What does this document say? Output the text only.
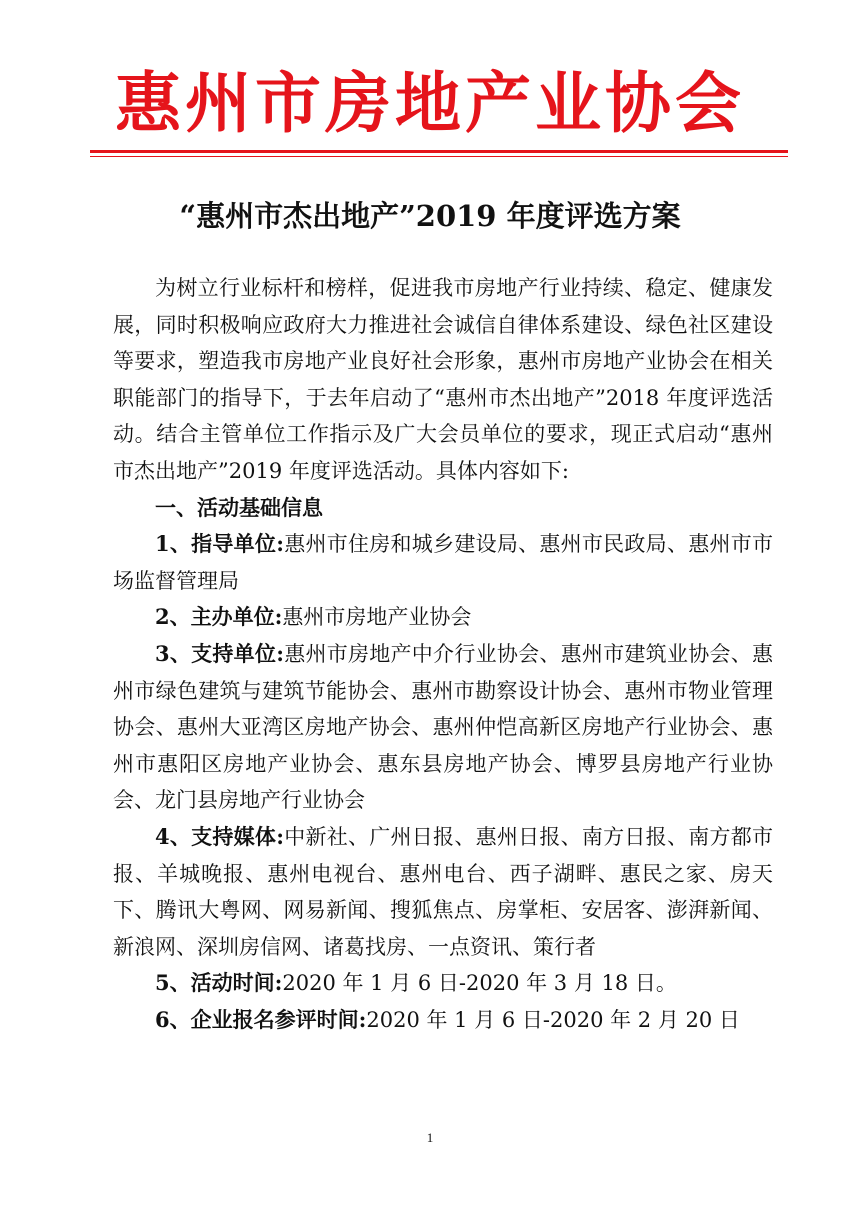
惠州市房地产业协会
“惠州市杰出地产”2019 年度评选方案

为树立行业标杆和榜样，促进我市房地产行业持续、稳定、健康发展，同时积极响应政府大力推进社会诚信自律体系建设、绿色社区建设等要求，塑造我市房地产业良好社会形象，惠州市房地产业协会在相关职能部门的指导下，于去年启动了“惠州市杰出地产”2018 年度评选活动。结合主管单位工作指示及广大会员单位的要求，现正式启动“惠州市杰出地产”2019 年度评选活动。具体内容如下:

一、活动基础信息

1、指导单位:惠州市住房和城乡建设局、惠州市民政局、惠州市市场监督管理局

2、主办单位:惠州市房地产业协会

3、支持单位:惠州市房地产中介行业协会、惠州市建筑业协会、惠州市绿色建筑与建筑节能协会、惠州市勘察设计协会、惠州市物业管理协会、惠州大亚湾区房地产协会、惠州仲恺高新区房地产行业协会、惠州市惠阳区房地产业协会、惠东县房地产协会、博罗县房地产行业协会、龙门县房地产行业协会

4、支持媒体:中新社、广州日报、惠州日报、南方日报、南方都市报、羊城晚报、惠州电视台、惠州电台、西子湖畔、惠民之家、房天下、腾讯大粤网、网易新闻、搜狐焦点、房掌柜、安居客、澎湃新闻、新浪网、深圳房信网、诸葛找房、一点资讯、策行者

5、活动时间:2020 年 1 月 6 日-2020 年 3 月 18 日。

6、企业报名参评时间:2020 年 1 月 6 日-2020 年 2 月 20 日

1
